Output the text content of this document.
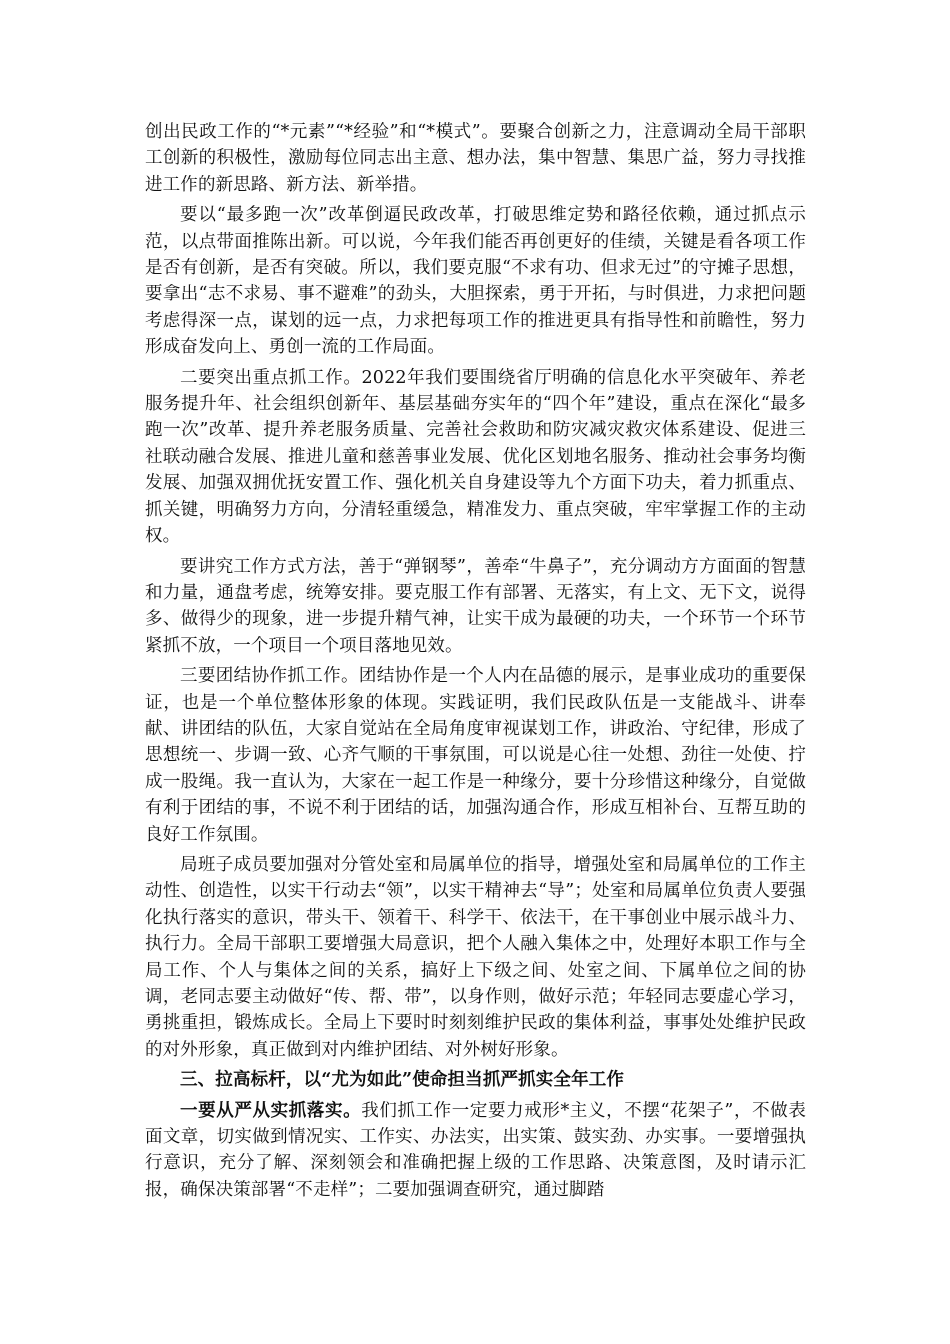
创出民政工作的“*元素”“*经验”和“*模式”。要聚合创新之力，注意调动全局干部职工创新的积极性，激励每位同志出主意、想办法，集中智慧、集思广益，努力寻找推进工作的新思路、新方法、新举措。

要以“最多跑一次”改革倒逼民政改革，打破思维定势和路径依赖，通过抓点示范，以点带面推陈出新。可以说，今年我们能否再创更好的佳绩，关键是看各项工作是否有创新，是否有突破。所以，我们要克服“不求有功、但求无过”的守摊子思想，要拿出“志不求易、事不避难”的劲头，大胆探索，勇于开拓，与时俱进，力求把问题考虑得深一点，谋划的远一点，力求把每项工作的推进更具有指导性和前瞻性，努力形成奋发向上、勇创一流的工作局面。

二要突出重点抓工作。2022年我们要围绕省厅明确的信息化水平突破年、养老服务提升年、社会组织创新年、基层基础夯实年的“四个年”建设，重点在深化“最多跑一次”改革、提升养老服务质量、完善社会救助和防灾减灾救灾体系建设、促进三社联动融合发展、推进儿童和慈善事业发展、优化区划地名服务、推动社会事务均衡发展、加强双拥优抚安置工作、强化机关自身建设等九个方面下功夫，着力抓重点、抓关键，明确努力方向，分清轻重缓急，精准发力、重点突破，牢牢掌握工作的主动权。

要讲究工作方式方法，善于“弹钢琴”，善牵“牛鼻子”，充分调动方方面面的智慧和力量，通盘考虑，统筹安排。要克服工作有部署、无落实，有上文、无下文，说得多、做得少的现象，进一步提升精气神，让实干成为最硬的功夫，一个环节一个环节紧抓不放，一个项目一个项目落地见效。

三要团结协作抓工作。团结协作是一个人内在品德的展示，是事业成功的重要保证，也是一个单位整体形象的体现。实践证明，我们民政队伍是一支能战斗、讲奉献、讲团结的队伍，大家自觉站在全局角度审视谋划工作，讲政治、守纪律，形成了思想统一、步调一致、心齐气顺的干事氛围，可以说是心往一处想、劲往一处使、拧成一股绳。我一直认为，大家在一起工作是一种缘分，要十分珍惜这种缘分，自觉做有利于团结的事，不说不利于团结的话，加强沟通合作，形成互相补台、互帮互助的良好工作氛围。

局班子成员要加强对分管处室和局属单位的指导，增强处室和局属单位的工作主动性、创造性，以实干行动去“领”，以实干精神去“导”；处室和局属单位负责人要强化执行落实的意识，带头干、领着干、科学干、依法干，在干事创业中展示战斗力、执行力。全局干部职工要增强大局意识，把个人融入集体之中，处理好本职工作与全局工作、个人与集体之间的关系，搞好上下级之间、处室之间、下属单位之间的协调，老同志要主动做好“传、帮、带”，以身作则，做好示范；年轻同志要虚心学习，勇挑重担，锻炼成长。全局上下要时时刻刻维护民政的集体利益，事事处处维护民政的对外形象，真正做到对内维护团结、对外树好形象。

三、拉高标杆，以“尤为如此”使命担当抓严抓实全年工作

一要从严从实抓落实。我们抓工作一定要力戒形*主义，不摆“花架子”，不做表面文章，切实做到情况实、工作实、办法实，出实策、鼓实劲、办实事。一要增强执行意识，充分了解、深刻领会和准确把握上级的工作思路、决策意图，及时请示汇报，确保决策部署“不走样”；二要加强调查研究，通过脚踏
